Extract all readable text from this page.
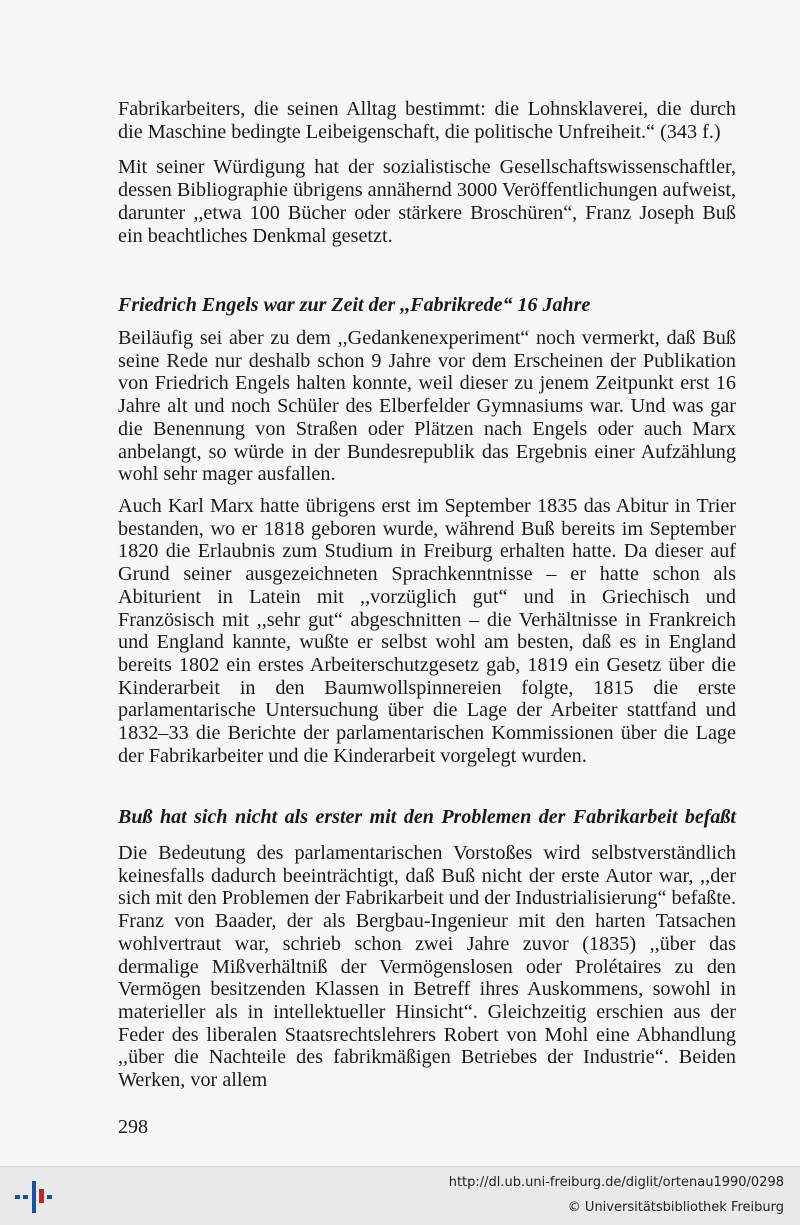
Fabrikarbeiters, die seinen Alltag bestimmt: die Lohnsklaverei, die durch die Maschine bedingte Leibeigenschaft, die politische Unfreiheit.“ (343 f.)

Mit seiner Würdigung hat der sozialistische Gesellschaftswissenschaftler, dessen Bibliographie übrigens annähernd 3000 Veröffentlichungen aufweist, darunter ,,etwa 100 Bücher oder stärkere Broschüren“, Franz Joseph Buß ein beachtliches Denkmal gesetzt.

Friedrich Engels war zur Zeit der ,,Fabrikrede“ 16 Jahre

Beiläufig sei aber zu dem ,,Gedankenexperiment“ noch vermerkt, daß Buß seine Rede nur deshalb schon 9 Jahre vor dem Erscheinen der Publikation von Friedrich Engels halten konnte, weil dieser zu jenem Zeitpunkt erst 16 Jahre alt und noch Schüler des Elberfelder Gymnasiums war. Und was gar die Benennung von Straßen oder Plätzen nach Engels oder auch Marx anbelangt, so würde in der Bundesrepublik das Ergebnis einer Aufzählung wohl sehr mager ausfallen.

Auch Karl Marx hatte übrigens erst im September 1835 das Abitur in Trier bestanden, wo er 1818 geboren wurde, während Buß bereits im September 1820 die Erlaubnis zum Studium in Freiburg erhalten hatte. Da dieser auf Grund seiner ausgezeichneten Sprachkenntnisse – er hatte schon als Abiturient in Latein mit ,,vorzüglich gut“ und in Griechisch und Französisch mit ,,sehr gut“ abgeschnitten – die Verhältnisse in Frankreich und England kannte, wußte er selbst wohl am besten, daß es in England bereits 1802 ein erstes Arbeiterschutzgesetz gab, 1819 ein Gesetz über die Kinderarbeit in den Baumwollspinnereien folgte, 1815 die erste parlamentarische Untersuchung über die Lage der Arbeiter stattfand und 1832–33 die Berichte der parlamentarischen Kommissionen über die Lage der Fabrikarbeiter und die Kinderarbeit vorgelegt wurden.

Buß hat sich nicht als erster mit den Problemen der Fabrikarbeit befaßt

Die Bedeutung des parlamentarischen Vorstoßes wird selbstverständlich keinesfalls dadurch beeinträchtigt, daß Buß nicht der erste Autor war, ,,der sich mit den Problemen der Fabrikarbeit und der Industrialisierung“ befaßte. Franz von Baader, der als Bergbau-Ingenieur mit den harten Tatsachen wohlvertraut war, schrieb schon zwei Jahre zuvor (1835) ,,über das dermalige Mißverhältniß der Vermögenslosen oder Prolétaires zu den Vermögen besitzenden Klassen in Betreff ihres Auskommens, sowohl in materieller als in intellektueller Hinsicht“. Gleichzeitig erschien aus der Feder des liberalen Staatsrechtslehrers Robert von Mohl eine Abhandlung ,,über die Nachteile des fabrikmäßigen Betriebes der Industrie“. Beiden Werken, vor allem

298
http://dl.ub.uni-freiburg.de/diglit/ortenau1990/0298
© Universitätsbibliothek Freiburg
